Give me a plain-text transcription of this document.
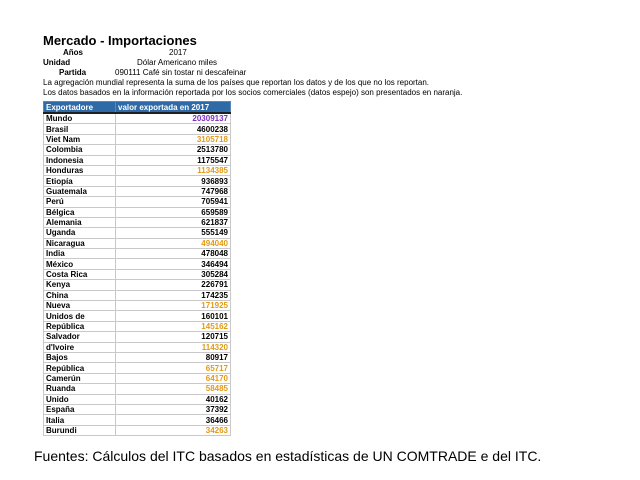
Mercado - Importaciones
Años	2017
Unidad	Dólar Americano miles
Partida	090111 Café sin tostar ni descafeinar
La agregación mundial representa la suma de los países que reportan los datos y de los que no los reportan.
Los datos basados en la información reportada por los socios comerciales (datos espejo) son presentados en naranja.
Exportadore	valor exportada en 2017
Mundo	20309137
Brasil	4600238
Viet Nam	3105718
Colombia	2513780
Indonesia	1175547
Honduras	1134385
Etiopía	936893
Guatemala	747968
Perú	705941
Bélgica	659589
Alemania	621837
Uganda	555149
Nicaragua	494040
India	478048
México	346494
Costa Rica	305284
Kenya	226791
China	174235
Nueva	171925
Unidos de	160101
República	145162
Salvador	120715
d'Ivoire	114320
Bajos	80917
República	65717
Camerún	64170
Ruanda	58485
Unido	40162
España	37392
Italia	36466
Burundi	34263
Fuentes: Cálculos del ITC basados en estadísticas de UN COMTRADE e del ITC.
